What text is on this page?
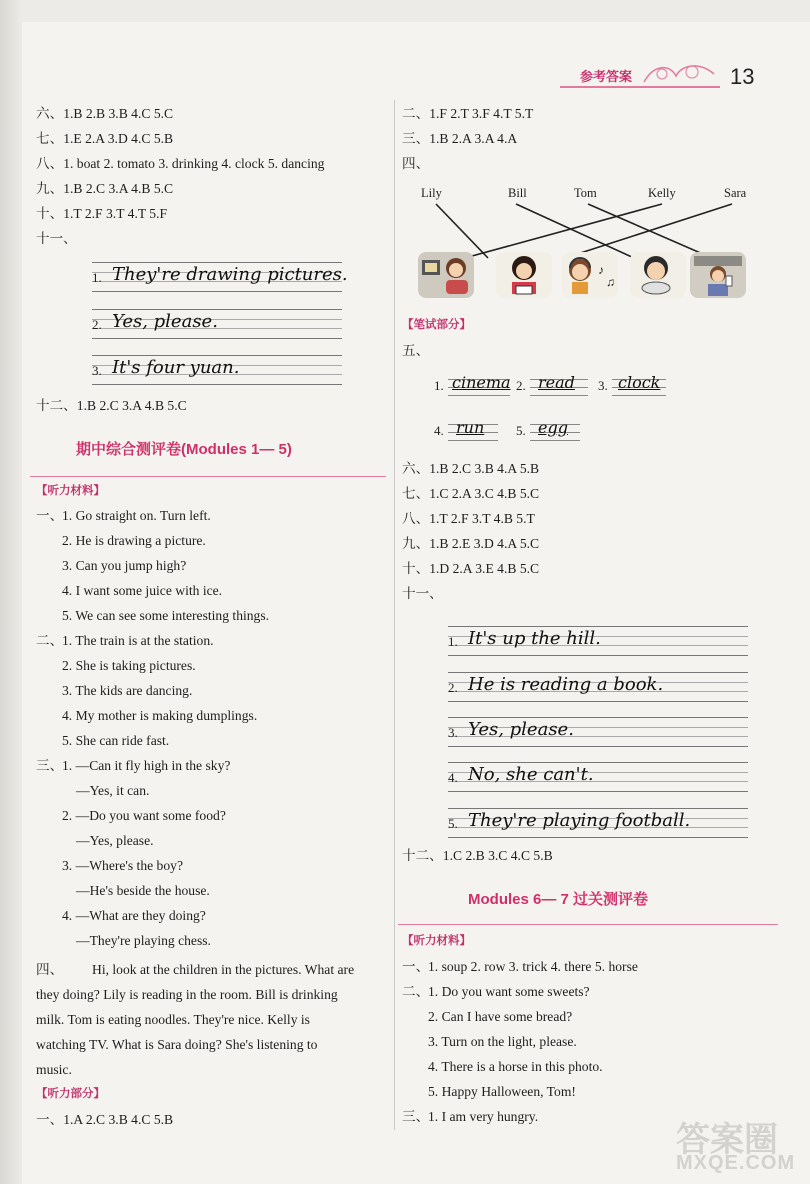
参考答案	13
六、1.B 2.B 3.B 4.C 5.C
七、1.E 2.A 3.D 4.C 5.B
八、1. boat 2. tomato 3. drinking 4. clock 5. dancing
九、1.B 2.C 3.A 4.B 5.C
十、1.T 2.F 3.T 4.T 5.F
十一、
1. They're drawing pictures.
2. Yes, please.
3. It's four yuan.
十二、1.B 2.C 3.A 4.B 5.C
期中综合测评卷(Modules 1— 5)
【听力材料】
一、1. Go straight on. Turn left.
2. He is drawing a picture.
3. Can you jump high?
4. I want some juice with ice.
5. We can see some interesting things.
二、1. The train is at the station.
2. She is taking pictures.
3. The kids are dancing.
4. My mother is making dumplings.
5. She can ride fast.
三、1. —Can it fly high in the sky?
—Yes, it can.
2. —Do you want some food?
—Yes, please.
3. —Where's the boy?
—He's beside the house.
4. —What are they doing?
—They're playing chess.
四、 Hi, look at the children in the pictures. What are
they doing? Lily is reading in the room. Bill is drinking
milk. Tom is eating noodles. They're nice. Kelly is
watching TV. What is Sara doing? She's listening to
music.
【听力部分】
一、1.A 2.C 3.B 4.C 5.B
二、1.F 2.T 3.F 4.T 5.T
三、1.B 2.A 3.A 4.A
四、
Lily	Bill	Tom	Kelly	Sara
♪
♫
【笔试部分】
五、
cinema
1.	read
2.	clock
3.
run
4.	egg
5.
六、1.B 2.C 3.B 4.A 5.B
七、1.C 2.A 3.C 4.B 5.C
八、1.T 2.F 3.T 4.B 5.T
九、1.B 2.E 3.D 4.A 5.C
十、1.D 2.A 3.E 4.B 5.C
十一、
1. It's up the hill.
2. He is reading a book.
3. Yes, please.
4. No, she can't.
5. They're playing football.
十二、1.C 2.B 3.C 4.C 5.B
Modules 6— 7 过关测评卷
【听力材料】
一、1. soup 2. row 3. trick 4. there 5. horse
二、1. Do you want some sweets?
2. Can I have some bread?
3. Turn on the light, please.
4. There is a horse in this photo.
5. Happy Halloween, Tom!
三、1. I am very hungry.
答案圈
MXQE.COM
